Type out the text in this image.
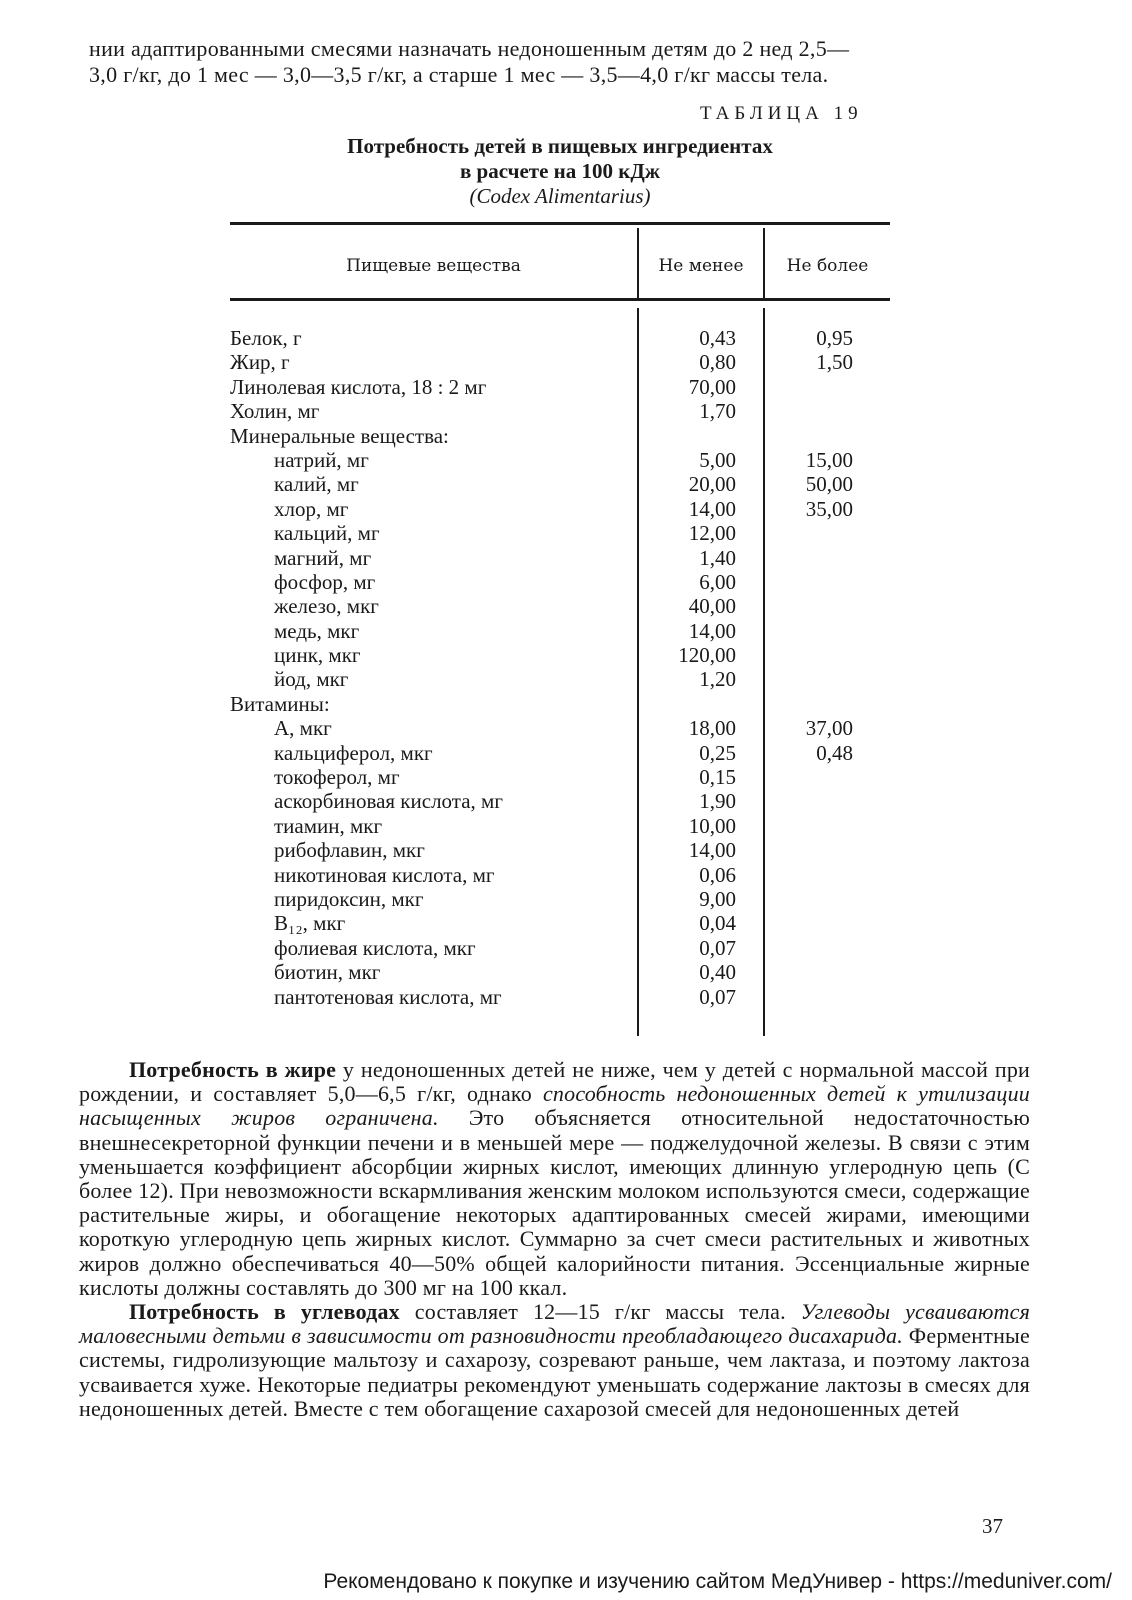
нии адаптированными смесями назначать недоношенным детям до 2 нед 2,5—
3,0 г/кг, до 1 мес — 3,0—3,5 г/кг, а старше 1 мес — 3,5—4,0 г/кг массы тела.
ТАБЛИЦА 19
Потребность детей в пищевых ингредиентах
в расчете на 100 кДж
(Codex Alimentarius)
Пищевые вещества	Не менее	Не более
Белок, г	0,43	0,95
Жир, г	0,80	1,50
Линолевая кислота, 18 : 2 мг	70,00
Холин, мг	1,70
Минеральные вещества:
натрий, мг	5,00	15,00
калий, мг	20,00	50,00
хлор, мг	14,00	35,00
кальций, мг	12,00
магний, мг	1,40
фосфор, мг	6,00
железо, мкг	40,00
медь, мкг	14,00
цинк, мкг	120,00
йод, мкг	1,20
Витамины:
А, мкг	18,00	37,00
кальциферол, мкг	0,25	0,48
токоферол, мг	0,15
аскорбиновая кислота, мг	1,90
тиамин, мкг	10,00
рибофлавин, мкг	14,00
никотиновая кислота, мг	0,06
пиридоксин, мкг	9,00
B₁₂, мкг	0,04
фолиевая кислота, мкг	0,07
биотин, мкг	0,40
пантотеновая кислота, мг	0,07

Потребность в жире у недоношенных детей не ниже, чем у детей с нормальной массой при рождении, и составляет 5,0—6,5 г/кг, однако способность недоношенных детей к утилизации насыщенных жиров ограничена. Это объясняется относительной недостаточностью внешнесекреторной функции печени и в меньшей мере — поджелудочной железы. В связи с этим уменьшается коэффициент абсорбции жирных кислот, имеющих длинную углеродную цепь (С более 12). При невозможности вскармливания женским молоком используются смеси, содержащие растительные жиры, и обогащение некоторых адаптированных смесей жирами, имеющими короткую углеродную цепь жирных кислот. Суммарно за счет смеси растительных и животных жиров должно обеспечиваться 40—50% общей калорийности питания. Эссенциальные жирные кислоты должны составлять до 300 мг на 100 ккал.

Потребность в углеводах составляет 12—15 г/кг массы тела. Углеводы усваиваются маловесными детьми в зависимости от разновидности преобладающего дисахарида. Ферментные системы, гидролизующие мальтозу и сахарозу, созревают раньше, чем лактаза, и поэтому лактоза усваивается хуже. Некоторые педиатры рекомендуют уменьшать содержание лактозы в смесях для недоношенных детей. Вместе с тем обогащение сахарозой смесей для недоношенных детей

37
Рекомендовано к покупке и изучению сайтом МедУнивер - https://meduniver.com/
